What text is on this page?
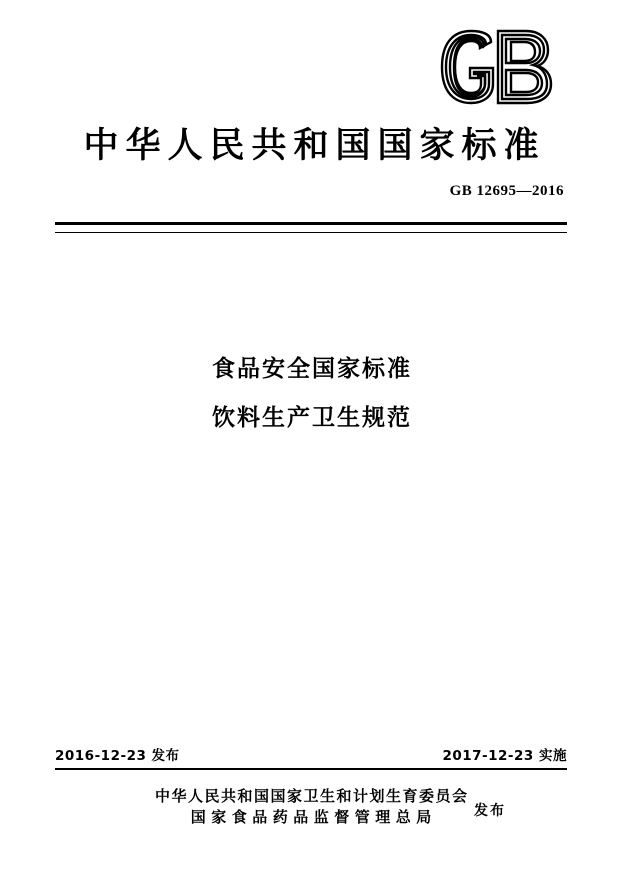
中华人民共和国国家标准
GB 12695—2016
食品安全国家标准
饮料生产卫生规范
2016-12-23 发布	2017-12-23 实施
中华人民共和国国家卫生和计划生育委员会
国家食品药品监督管理总局	发布
